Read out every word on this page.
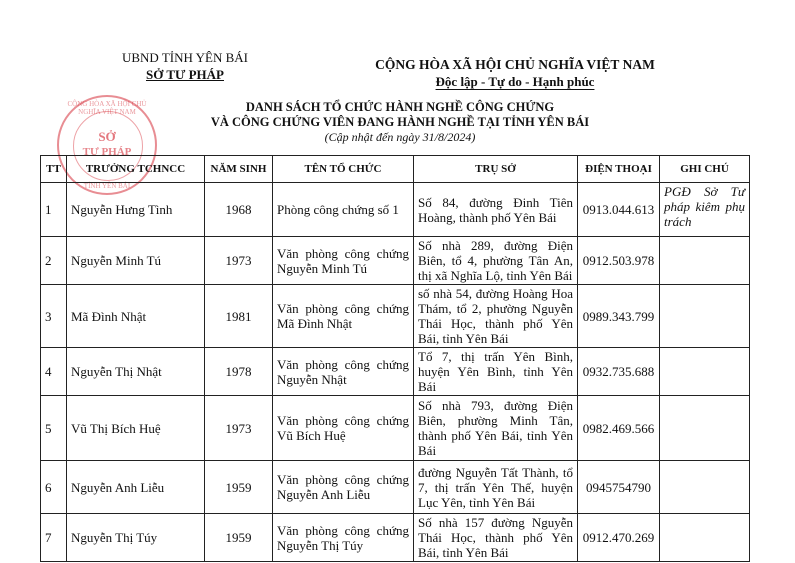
UBND TỈNH YÊN BÁI
SỞ TƯ PHÁP
CỘNG HÒA XÃ HỘI CHỦ NGHĨA VIỆT NAM
Độc lập - Tự do - Hạnh phúc
CỘNG HÒA XÃ HỘI CHỦ NGHĨA VIỆT NAM
SỞ
TƯ PHÁP
TỈNH YÊN BÁI
DANH SÁCH TỔ CHỨC HÀNH NGHỀ CÔNG CHỨNG
VÀ CÔNG CHỨNG VIÊN ĐANG HÀNH NGHỀ TẠI TỈNH YÊN BÁI
(Cập nhật đến ngày 31/8/2024)
TT	TRƯỞNG TCHNCC	NĂM SINH	TÊN TỔ CHỨC	TRỤ SỞ	ĐIỆN THOẠI	GHI CHÚ
1	Nguyễn Hưng Tình	1968	Phòng công chứng số 1	Số 84, đường Đinh Tiên Hoàng, thành phố Yên Bái	0913.044.613	PGĐ Sở Tư pháp kiêm phụ trách
2	Nguyễn Minh Tú	1973	Văn phòng công chứng Nguyễn Minh Tú	Số nhà 289, đường Điện Biên, tổ 4, phường Tân An, thị xã Nghĩa Lộ, tỉnh Yên Bái	0912.503.978	
3	Mã Đình Nhật	1981	Văn phòng công chứng Mã Đình Nhật	số nhà 54, đường Hoàng Hoa Thám, tổ 2, phường Nguyễn Thái Học, thành phố Yên Bái, tỉnh Yên Bái	0989.343.799	
4	Nguyễn Thị Nhật	1978	Văn phòng công chứng Nguyễn Nhật	Tổ 7, thị trấn Yên Bình, huyện Yên Bình, tỉnh Yên Bái	0932.735.688	
5	Vũ Thị Bích Huệ	1973	Văn phòng công chứng Vũ Bích Huệ	Số nhà 793, đường Điện Biên, phường Minh Tân, thành phố Yên Bái, tỉnh Yên Bái	0982.469.566	
6	Nguyễn Anh Liễu	1959	Văn phòng công chứng Nguyễn Anh Liễu	đường Nguyễn Tất Thành, tổ 7, thị trấn Yên Thế, huyện Lục Yên, tỉnh Yên Bái	0945754790	
7	Nguyễn Thị Túy	1959	Văn phòng công chứng Nguyễn Thị Túy	Số nhà 157 đường Nguyễn Thái Học, thành phố Yên Bái, tỉnh Yên Bái	0912.470.269	
